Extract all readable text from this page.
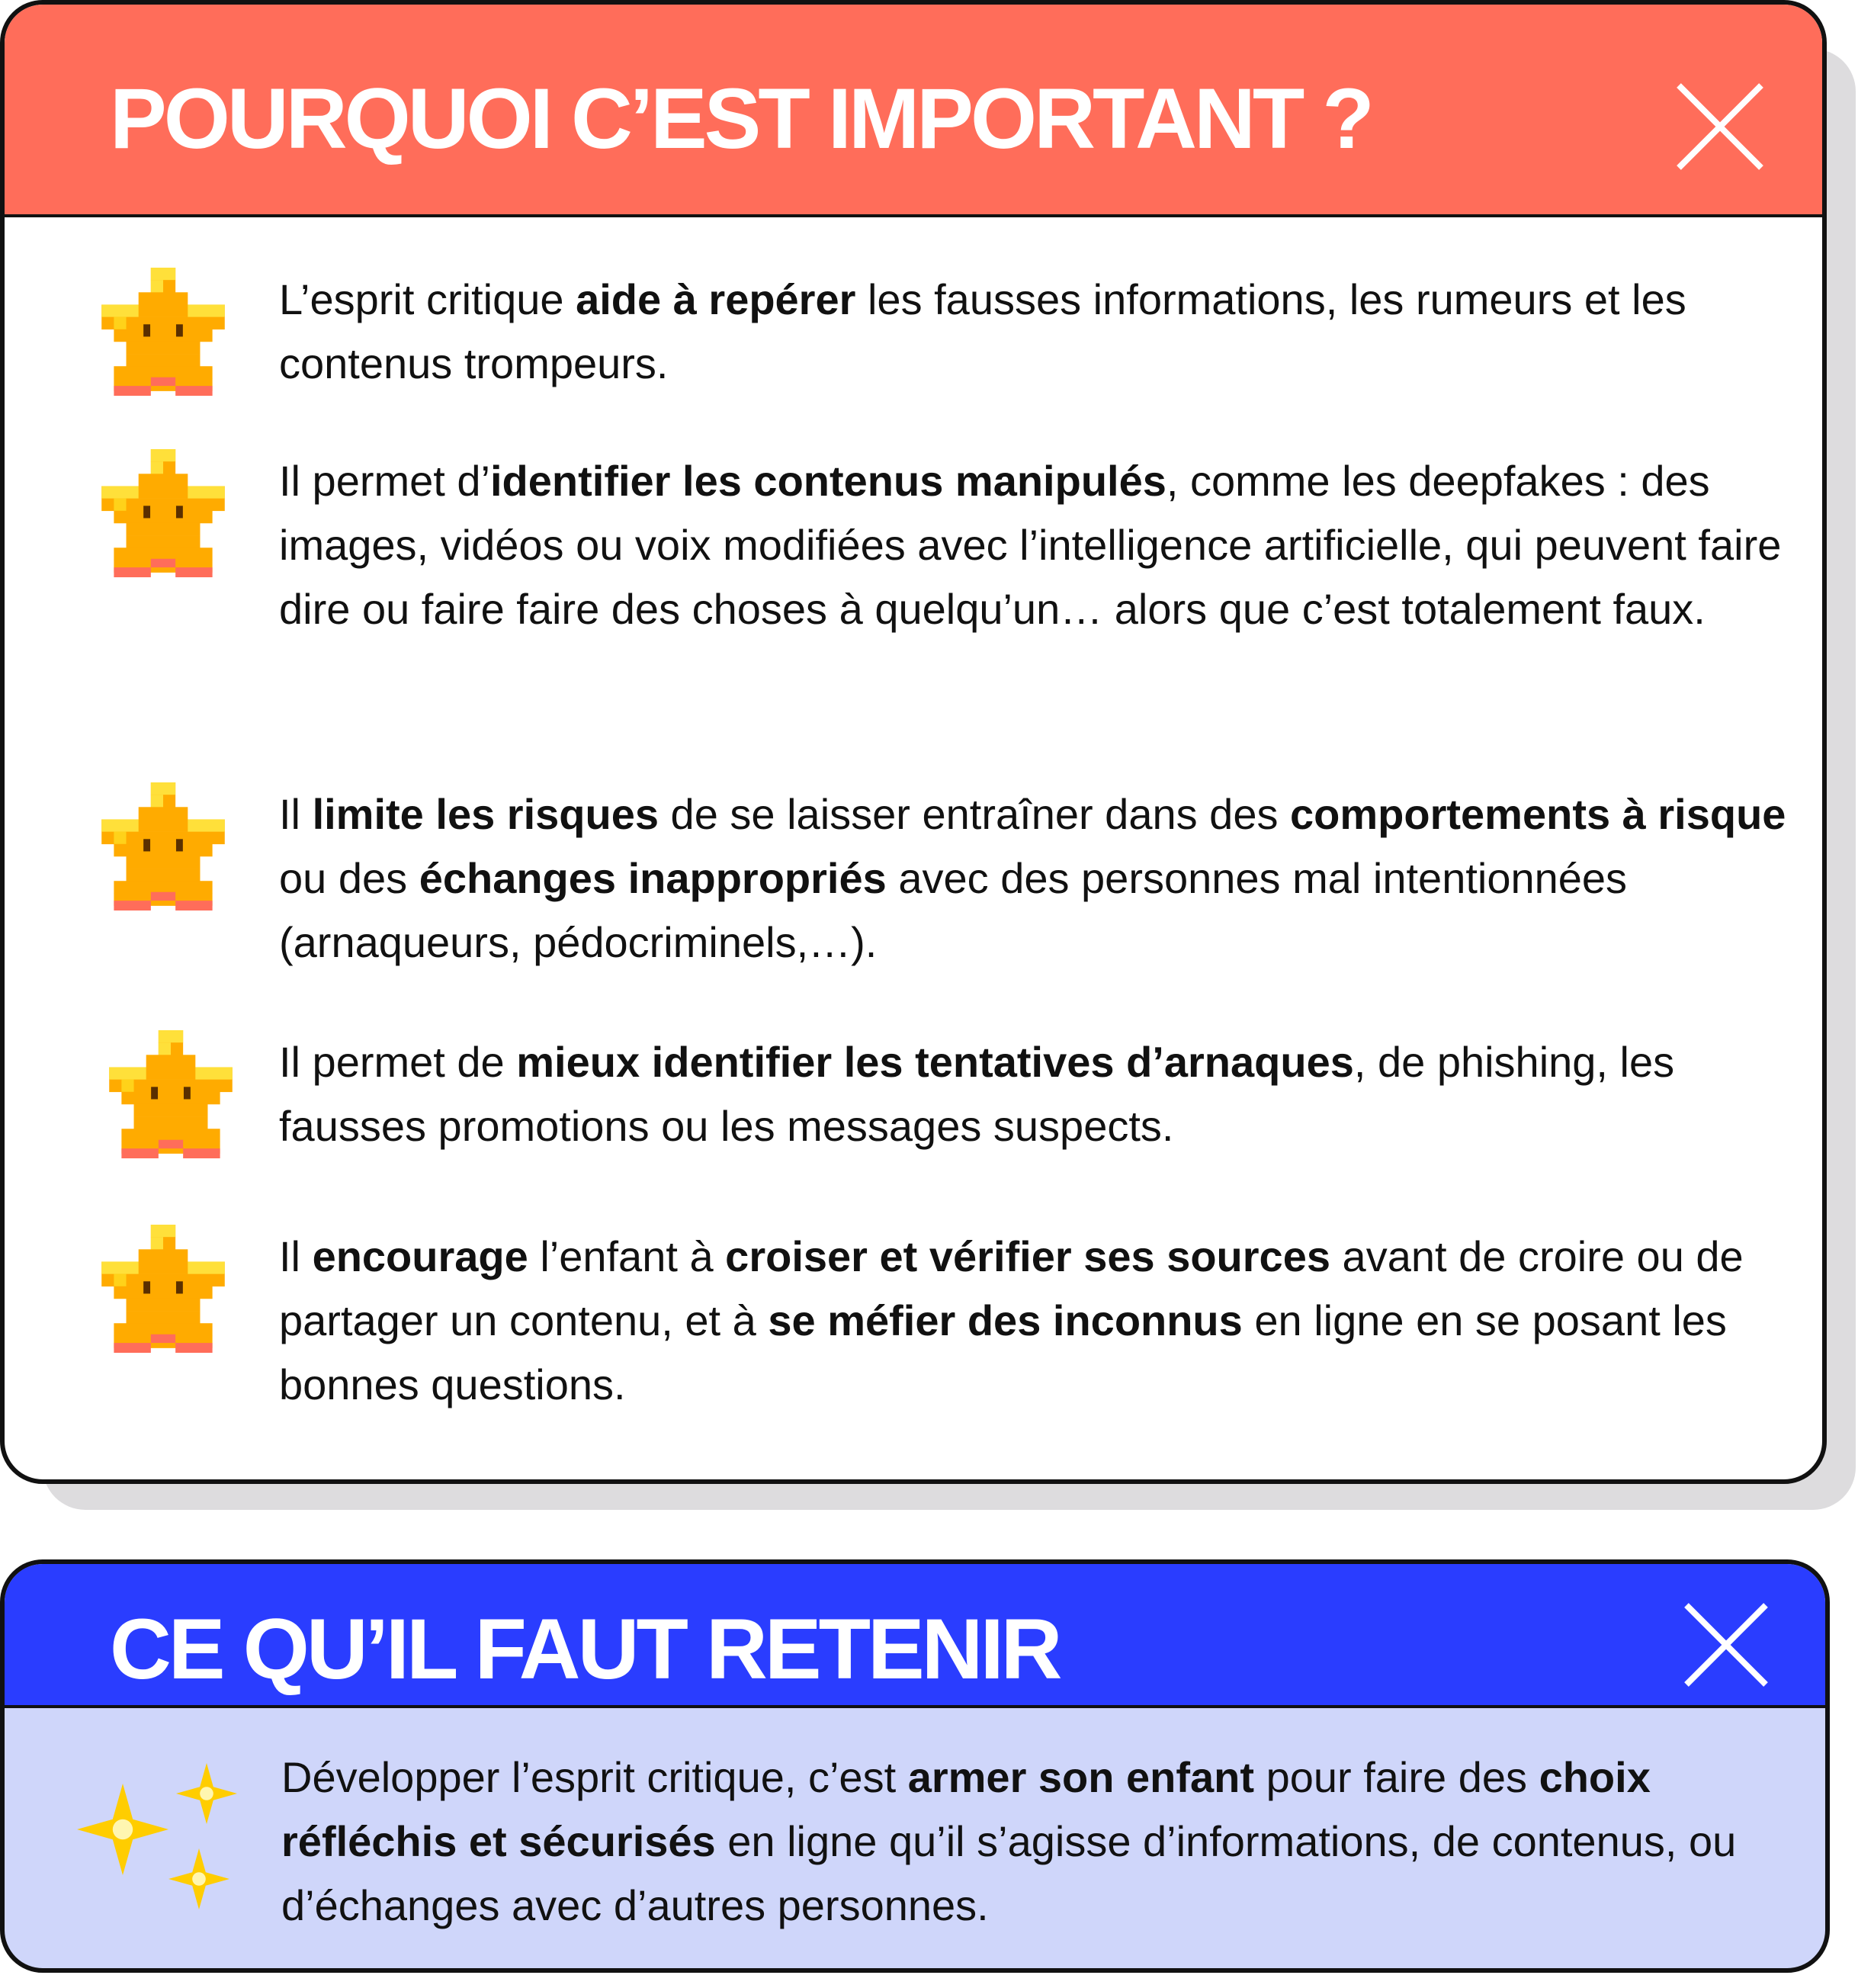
POURQUOI C’EST IMPORTANT ?

L’esprit critique aide à repérer les fausses informations, les rumeurs et les contenus trompeurs.

Il permet d’identifier les contenus manipulés, comme les deepfakes : des images, vidéos ou voix modifiées avec l’intelligence artificielle, qui peuvent faire dire ou faire faire des choses à quelqu’un… alors que c’est totalement faux.

Il limite les risques de se laisser entraîner dans des comportements à risque ou des échanges inappropriés avec des personnes mal intentionnées (arnaqueurs, pédocriminels,…).

Il permet de mieux identifier les tentatives d’arnaques, de phishing, les fausses promotions ou les messages suspects.

Il encourage l’enfant à croiser et vérifier ses sources avant de croire ou de partager un contenu, et à se méfier des inconnus en ligne en se posant les bonnes questions.

CE QU’IL FAUT RETENIR

Développer l’esprit critique, c’est armer son enfant pour faire des choix réfléchis et sécurisés en ligne qu’il s’agisse d’informations, de contenus, ou d’échanges avec d’autres personnes.
